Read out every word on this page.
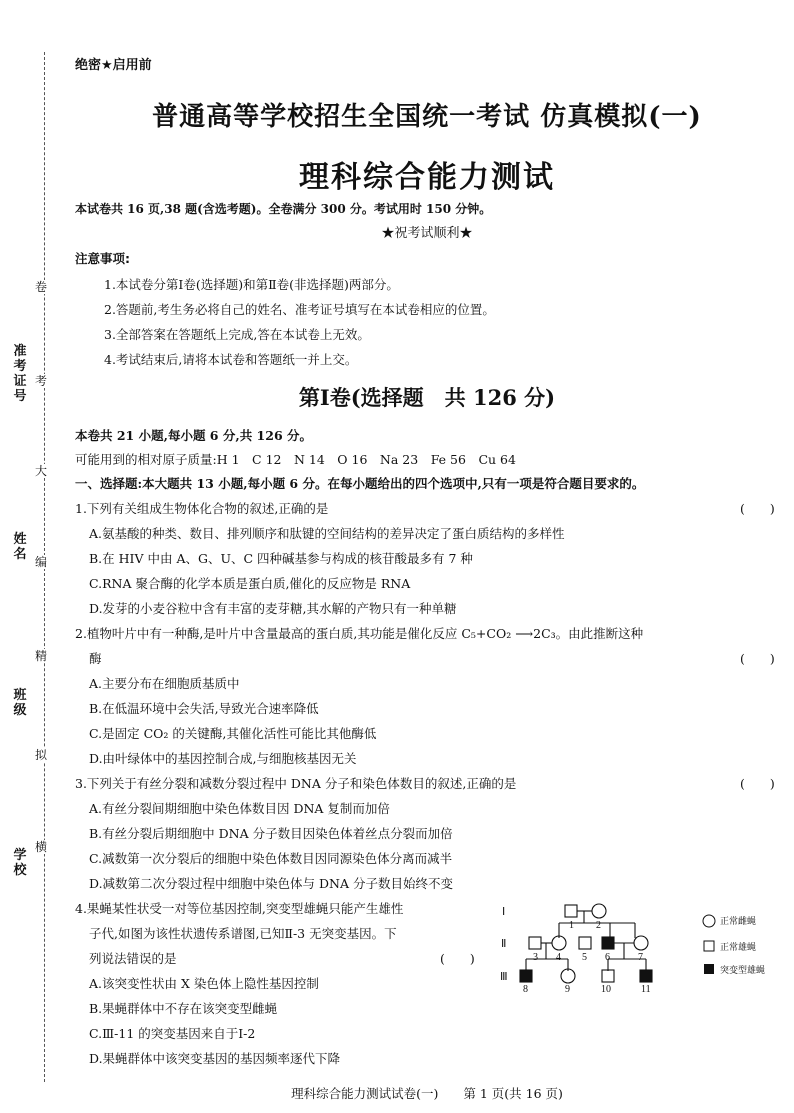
准考证号
姓名
班级
学校
卷
考
大
编
精
拟
横
绝密★启用前
普通高等学校招生全国统一考试 仿真模拟(一)
理科综合能力测试
本试卷共 16 页,38 题(含选考题)。全卷满分 300 分。考试用时 150 分钟。
★祝考试顺利★
注意事项:
1.本试卷分第Ⅰ卷(选择题)和第Ⅱ卷(非选择题)两部分。
2.答题前,考生务必将自己的姓名、准考证号填写在本试卷相应的位置。
3.全部答案在答题纸上完成,答在本试卷上无效。
4.考试结束后,请将本试卷和答题纸一并上交。
第Ⅰ卷(选择题　共 126 分)
本卷共 21 小题,每小题 6 分,共 126 分。
可能用到的相对原子质量:H 1　C 12　N 14　O 16　Na 23　Fe 56　Cu 64
一、选择题:本大题共 13 小题,每小题 6 分。在每小题给出的四个选项中,只有一项是符合题目要求的。
1.下列有关组成生物体化合物的叙述,正确的是	(　　)
A.氨基酸的种类、数目、排列顺序和肽键的空间结构的差异决定了蛋白质结构的多样性
B.在 HIV 中由 A、G、U、C 四种碱基参与构成的核苷酸最多有 7 种
C.RNA 聚合酶的化学本质是蛋白质,催化的反应物是 RNA
D.发芽的小麦谷粒中含有丰富的麦芽糖,其水解的产物只有一种单糖
2.植物叶片中有一种酶,是叶片中含量最高的蛋白质,其功能是催化反应 C₅+CO₂ ⟶2C₃。由此推断这种
酶	(　　)
A.主要分布在细胞质基质中
B.在低温环境中会失活,导致光合速率降低
C.是固定 CO₂ 的关键酶,其催化活性可能比其他酶低
D.由叶绿体中的基因控制合成,与细胞核基因无关
3.下列关于有丝分裂和减数分裂过程中 DNA 分子和染色体数目的叙述,正确的是	(　　)
A.有丝分裂间期细胞中染色体数目因 DNA 复制而加倍
B.有丝分裂后期细胞中 DNA 分子数目因染色体着丝点分裂而加倍
C.减数第一次分裂后的细胞中染色体数目因同源染色体分离而减半
D.减数第二次分裂过程中细胞中染色体与 DNA 分子数目始终不变
4.果蝇某性状受一对等位基因控制,突变型雄蝇只能产生雄性
子代,如图为该性状遗传系谱图,已知Ⅱ-3 无突变基因。下
列说法错误的是	(　　)
A.该突变性状由 X 染色体上隐性基因控制
B.果蝇群体中不存在该突变型雌蝇
C.Ⅲ-11 的突变基因来自于Ⅰ-2
D.果蝇群体中该突变基因的基因频率逐代下降
Ⅰ
Ⅱ
Ⅲ
1 2
3 4 5 6	7
8	9	10	11
正常雌蝇
正常雄蝇
突变型雄蝇
理科综合能力测试试卷(一)　　第 1 页(共 16 页)
